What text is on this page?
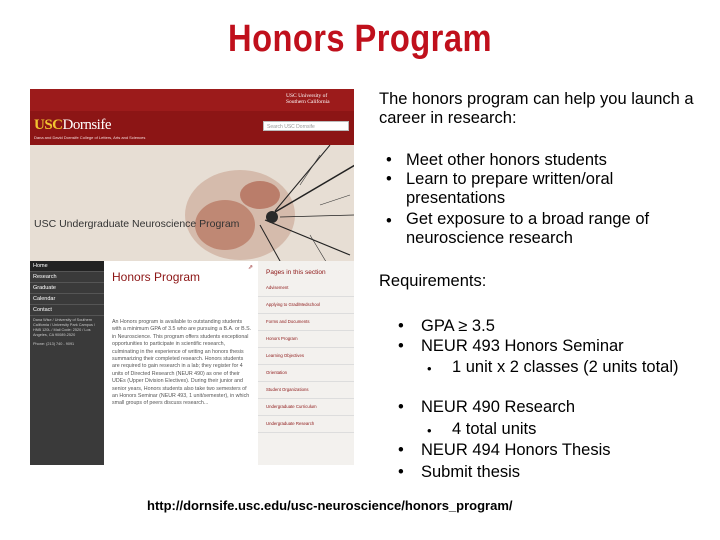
Honors Program
USCDornsife
Dana and David Dornsife College of Letters, Arts and Sciences
USC University of Southern California
Search USC Dornsife
USC Undergraduate Neuroscience Program
Home
Research
Graduate
Calendar
Contact
Dana Wise / University of Southern California / University Park Campus / HNB 120L / Mail Code: 2520 / Los Angeles, CA 90089-2520
Phone: (213) 740 - 9091
Honors Program
⇗
An Honors program is available to outstanding students with a minimum GPA of 3.5 who are pursuing a B.A. or B.S. in Neuroscience. This program offers students exceptional opportunities to participate in scientific research, culminating in the experience of writing an honors thesis summarizing their completed research. Honors students are required to gain research in a lab; they register for 4 units of Directed Research (NEUR 490) as one of their UDEs (Upper Division Electives). During their junior and senior years, Honors students also take two semesters of an Honors Seminar (NEUR 493, 1 unit/semester), in which small groups of peers discuss research...
Pages in this section
Advisement
Applying to Grad/Medschool
Forms and Documents
Honors Program
Learning Objectives
Orientation
Student Organizations
Undergraduate Curriculum
Undergraduate Research
The honors program can help you launch a career in research:
• Meet other honors students
• Learn to prepare written/oral presentations
• Get exposure to a broad range of neuroscience research
Requirements:
• GPA ≥ 3.5
• NEUR 493 Honors Seminar
• 1 unit x 2 classes (2 units total)
• NEUR 490 Research
• 4 total units
• NEUR 494 Honors Thesis
• Submit thesis
http://dornsife.usc.edu/usc-neuroscience/honors_program/
